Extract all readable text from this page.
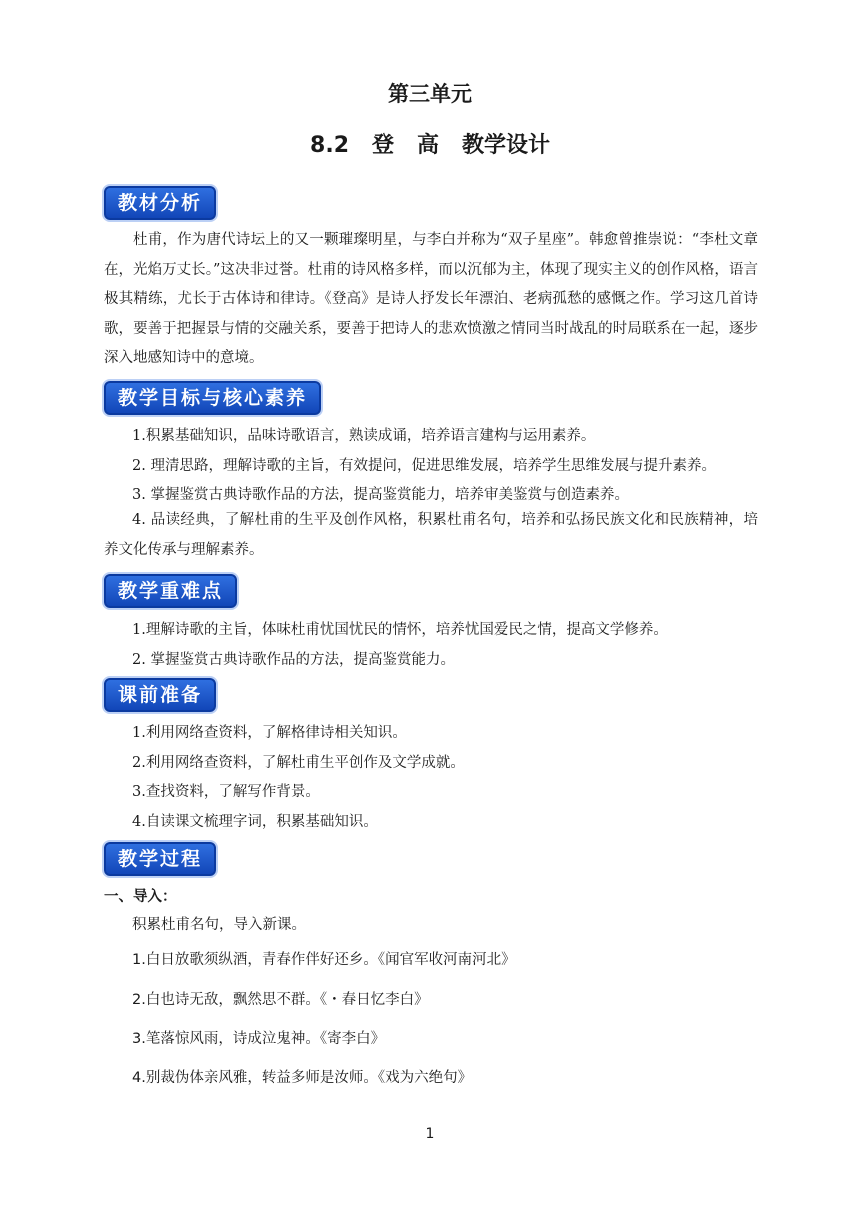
第三单元
8.2   登   高   教学设计
教材分析
杜甫，作为唐代诗坛上的又一颗璀璨明星，与李白并称为“双子星座”。韩愈曾推崇说：“李杜文章在，光焰万丈长。”这决非过誉。杜甫的诗风格多样，而以沉郁为主，体现了现实主义的创作风格，语言极其精练，尤长于古体诗和律诗。《登高》是诗人抒发长年漂泊、老病孤愁的感慨之作。学习这几首诗歌，要善于把握景与情的交融关系，要善于把诗人的悲欢愤激之情同当时战乱的时局联系在一起，逐步深入地感知诗中的意境。
教学目标与核心素养
1.积累基础知识，品味诗歌语言，熟读成诵，培养语言建构与运用素养。
2. 理清思路，理解诗歌的主旨，有效提问，促进思维发展，培养学生思维发展与提升素养。
3. 掌握鉴赏古典诗歌作品的方法，提高鉴赏能力，培养审美鉴赏与创造素养。
4. 品读经典，了解杜甫的生平及创作风格，积累杜甫名句，培养和弘扬民族文化和民族精神，培养文化传承与理解素养。
教学重难点
1.理解诗歌的主旨，体味杜甫忧国忧民的情怀，培养忧国爱民之情，提高文学修养。
2. 掌握鉴赏古典诗歌作品的方法，提高鉴赏能力。
课前准备
1.利用网络查资料，了解格律诗相关知识。
2.利用网络查资料，了解杜甫生平创作及文学成就。
3.查找资料，了解写作背景。
4.自读课文梳理字词，积累基础知识。
教学过程
一、导入：
积累杜甫名句，导入新课。
1.白日放歌须纵酒，青春作伴好还乡。《闻官军收河南河北》
2.白也诗无敌，飘然思不群。《・春日忆李白》
3.笔落惊风雨，诗成泣鬼神。《寄李白》
4.别裁伪体亲风雅，转益多师是汝师。《戏为六绝句》
1
